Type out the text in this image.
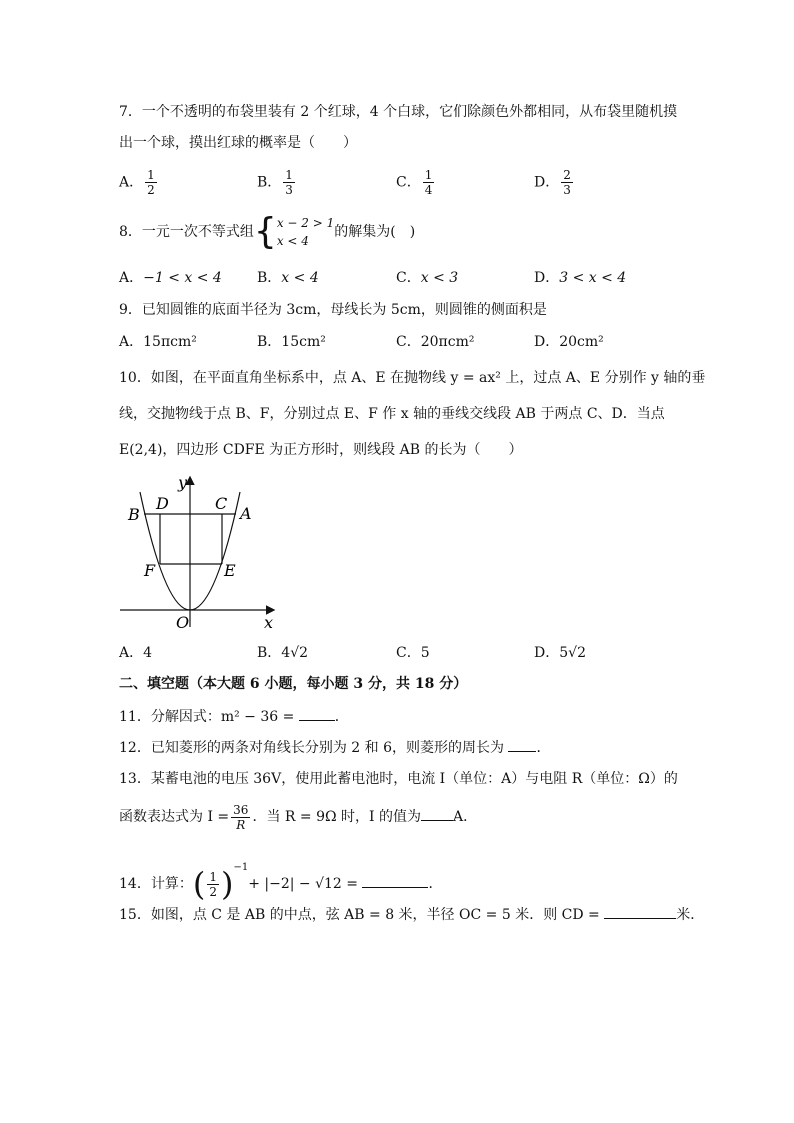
7．一个不透明的布袋里装有 2 个红球，4 个白球，它们除颜色外都相同，从布袋里随机摸
出一个球，摸出红球的概率是（　　）
A． $\frac{1}{2}$	B． $\frac{1}{3}$	C． $\frac{1}{4}$	D． $\frac{2}{3}$
8．一元一次不等式组{ x − 2 > 1
x < 4
的解集为(　)
A．−1 < x < 4	B．x < 4	C．x < 3	D．3 < x < 4
9．已知圆锥的底面半径为 3cm，母线长为 5cm，则圆锥的侧面积是
A．15πcm²	B．15cm²	C．20πcm²	D．20cm²
10．如图，在平面直角坐标系中，点 A、E 在抛物线 y = ax² 上，过点 A、E 分别作 y 轴的垂
线，交抛物线于点 B、F，分别过点 E、F 作 x 轴的垂线交线段 AB 于两点 C、D．当点
E(2,4)，四边形 CDFE 为正方形时，则线段 AB 的长为（　　）
y
x
O
A
B
C
D
E
F
A．4	B．4√2	C．5	D．5√2
二、填空题（本大题 6 小题，每小题 3 分，共 18 分）
11．分解因式：m² − 36 =	．
12．已知菱形的两条对角线长分别为 2 和 6，则菱形的周长为 ．
13．某蓄电池的电压 36V，使用此蓄电池时，电流 I（单位：A）与电阻 R（单位：Ω）的
函数表达式为 $I = \frac{36}{R}$ ．当 R = 9Ω 时，I 的值为 A．
14．计算：( $\frac{1}{2} )^{-1}+ |-2| - √12$ =	．
15．如图，点 C 是 AB 的中点，弦 AB = 8 米，半径 OC = 5 米．则 CD =	米．
